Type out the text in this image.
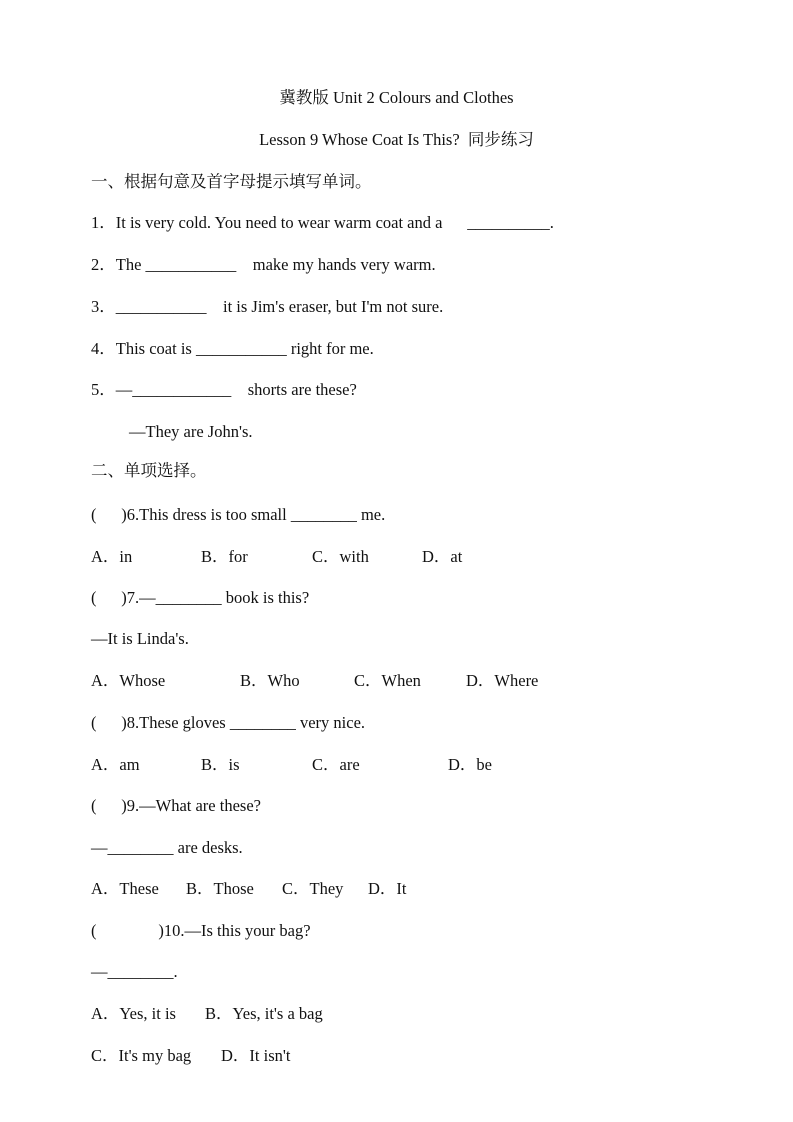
冀教版 Unit 2 Colours and Clothes
Lesson 9 Whose Coat Is This?  同步练习
一、根据句意及首字母提示填写单词。
1．It is very cold. You need to wear warm coat and a      __________.
2．The ___________    make my hands very warm.
3．___________    it is Jim's eraser, but I'm not sure.
4．This coat is ___________ right for me.
5．—____________    shorts are these?
—They are John's.
二、单项选择。
(      )6.This dress is too small ________ me.
A．in	B．for	C．with	D．at
(      )7.—________ book is this?
—It is Linda's.
A．Whose	B．Who	C．When	D．Where
(      )8.These gloves ________ very nice.
A．am	B．is	C．are	D．be
(      )9.—What are these?
—________ are desks.
A．These B．Those C．They D．It
(               )10.—Is this your bag?
—________.
A．Yes, it is B．Yes, it's a bag
C．It's my bag D．It isn't
